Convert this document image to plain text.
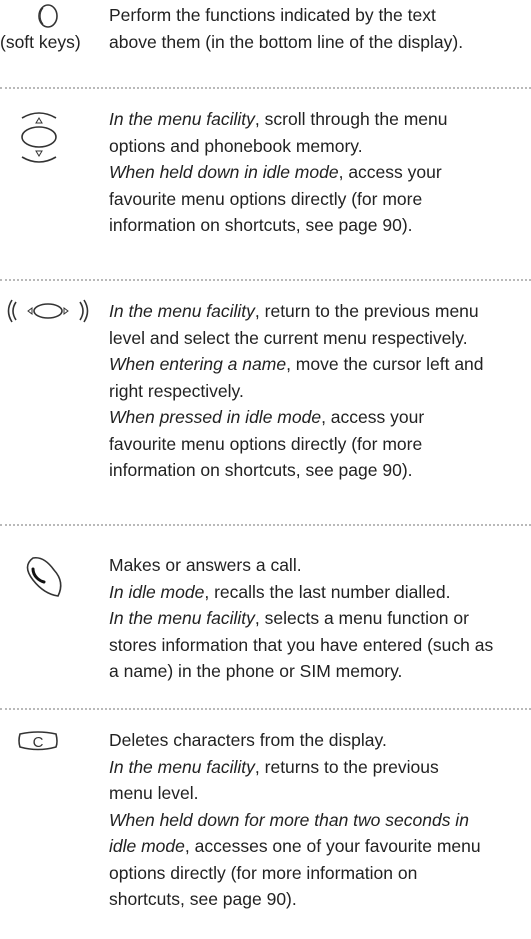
(soft keys)
Perform the functions indicated by the text
above them (in the bottom line of the display).
In the menu facility, scroll through the menu
options and phonebook memory.
When held down in idle mode, access your
favourite menu options directly (for more
information on shortcuts, see page 90).
In the menu facility, return to the previous menu
level and select the current menu respectively.
When entering a name, move the cursor left and
right respectively.
When pressed in idle mode, access your
favourite menu options directly (for more
information on shortcuts, see page 90).
Makes or answers a call.
In idle mode, recalls the last number dialled.
In the menu facility, selects a menu function or
stores information that you have entered (such as
a name) in the phone or SIM memory.
C	Deletes characters from the display.
In the menu facility, returns to the previous
menu level.
When held down for more than two seconds in
idle mode, accesses one of your favourite menu
options directly (for more information on
shortcuts, see page 90).
